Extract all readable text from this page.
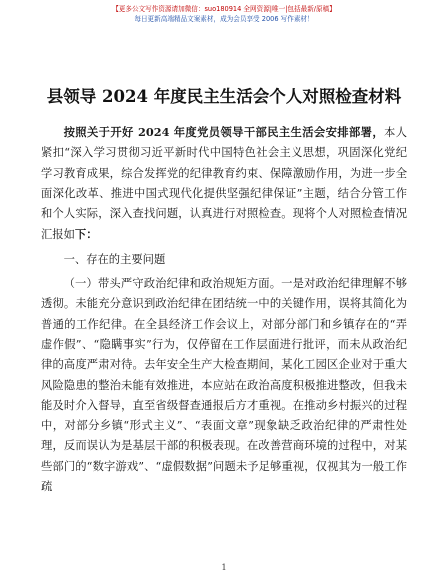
【更多公文写作资源请加微信：suo180914 全网资源|唯一|包括最新/原稿】
每日更新高端精品文案素材，成为会员享受 2006 写作素材！
县领导 2024 年度民主生活会个人对照检查材料

按照关于开好 2024 年度党员领导干部民主生活会安排部署，本人紧扣“深入学习贯彻习近平新时代中国特色社会主义思想，巩固深化党纪学习教育成果，综合发挥党的纪律教育约束、保障激励作用，为进一步全面深化改革、推进中国式现代化提供坚强纪律保证”主题，结合分管工作和个人实际，深入查找问题，认真进行对照检查。现将个人对照检查情况汇报如下：

一、存在的主要问题

（一）带头严守政治纪律和政治规矩方面。一是对政治纪律理解不够透彻。未能充分意识到政治纪律在团结统一中的关键作用，误将其简化为普通的工作纪律。在全县经济工作会议上，对部分部门和乡镇存在的“弄虚作假”、“隐瞒事实”行为，仅停留在工作层面进行批评，而未从政治纪律的高度严肃对待。去年安全生产大检查期间，某化工园区企业对于重大风险隐患的整治未能有效推进，本应站在政治高度积极推进整改，但我未能及时介入督导，直至省级督查通报后方才重视。在推动乡村振兴的过程中，对部分乡镇“形式主义”、“表面文章”现象缺乏政治纪律的严肃性处理，反而误认为是基层干部的积极表现。在改善营商环境的过程中，对某些部门的“数字游戏”、“虚假数据”问题未予足够重视，仅视其为一般工作疏

1
